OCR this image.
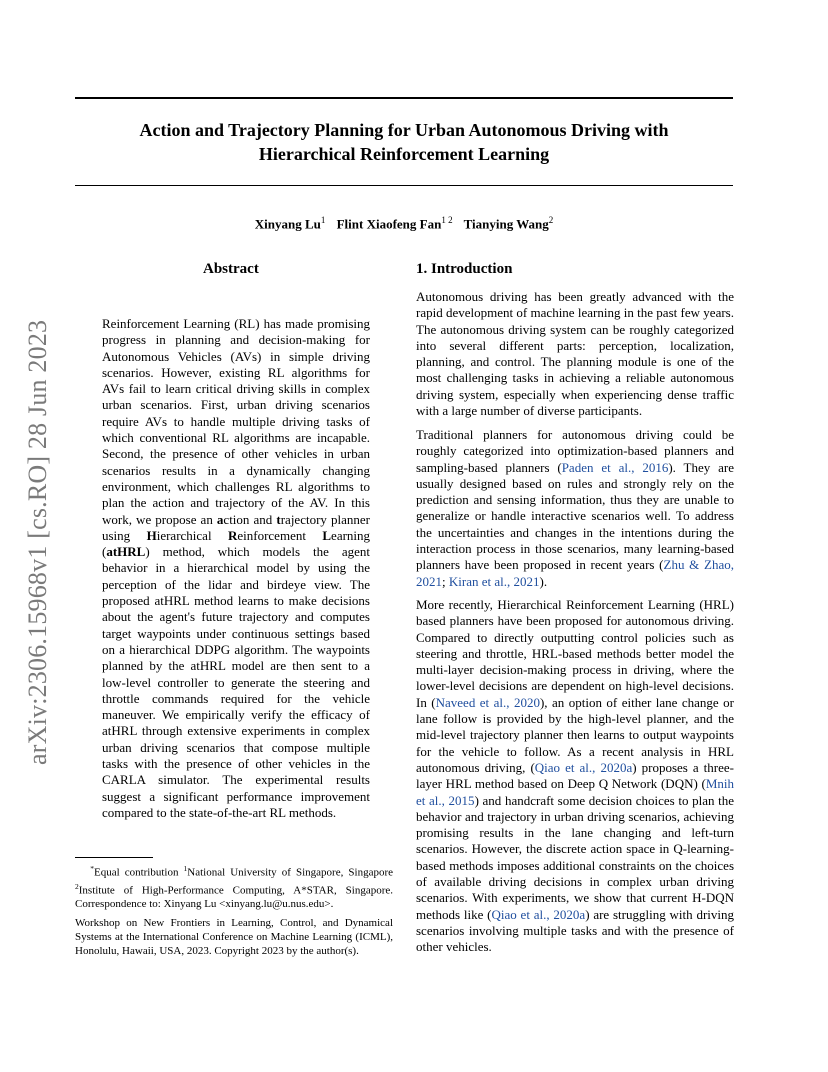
Action and Trajectory Planning for Urban Autonomous Driving with
Hierarchical Reinforcement Learning
Xinyang Lu$^1$ Flint Xiaofeng Fan$^{1 2}$ Tianying Wang$^2$
arXiv:2306.15968v1 [cs.RO] 28 Jun 2023
Abstract
Reinforcement Learning (RL) has made promising progress in planning and decision-making for Autonomous Vehicles (AVs) in simple driving scenarios. However, existing RL algorithms for AVs fail to learn critical driving skills in complex urban scenarios. First, urban driving scenarios require AVs to handle multiple driving tasks of which conventional RL algorithms are incapable. Second, the presence of other vehicles in urban scenarios results in a dynamically changing environment, which challenges RL algorithms to plan the action and trajectory of the AV. In this work, we propose an action and trajectory planner using Hierarchical Reinforcement Learning (atHRL) method, which models the agent behavior in a hierarchical model by using the perception of the lidar and birdeye view. The proposed atHRL method learns to make decisions about the agent's future trajectory and computes target waypoints under continuous settings based on a hierarchical DDPG algorithm. The waypoints planned by the atHRL model are then sent to a low-level controller to generate the steering and throttle commands required for the vehicle maneuver. We empirically verify the efficacy of atHRL through extensive experiments in complex urban driving scenarios that compose multiple tasks with the presence of other vehicles in the CARLA simulator. The experimental results suggest a significant performance improvement compared to the state-of-the-art RL methods.
1. Introduction
Autonomous driving has been greatly advanced with the rapid development of machine learning in the past few years. The autonomous driving system can be roughly categorized into several different parts: perception, localization, planning, and control. The planning module is one of the most challenging tasks in achieving a reliable autonomous driving system, especially when experiencing dense traffic with a large number of diverse participants.
Traditional planners for autonomous driving could be roughly categorized into optimization-based planners and sampling-based planners (Paden et al., 2016). They are usually designed based on rules and strongly rely on the prediction and sensing information, thus they are unable to generalize or handle interactive scenarios well. To address the uncertainties and changes in the intentions during the interaction process in those scenarios, many learning-based planners have been proposed in recent years (Zhu & Zhao, 2021; Kiran et al., 2021).
More recently, Hierarchical Reinforcement Learning (HRL) based planners have been proposed for autonomous driving. Compared to directly outputting control policies such as steering and throttle, HRL-based methods better model the multi-layer decision-making process in driving, where the lower-level decisions are dependent on high-level decisions. In (Naveed et al., 2020), an option of either lane change or lane follow is provided by the high-level planner, and the mid-level trajectory planner then learns to output waypoints for the vehicle to follow. As a recent analysis in HRL autonomous driving, (Qiao et al., 2020a) proposes a three-layer HRL method based on Deep Q Network (DQN) (Mnih et al., 2015) and handcraft some decision choices to plan the behavior and trajectory in urban driving scenarios, achieving promising results in the lane changing and left-turn scenarios. However, the discrete action space in Q-learning-based methods imposes additional constraints on the choices of available driving decisions in complex urban driving scenarios. With experiments, we show that current H-DQN methods like (Qiao et al., 2020a) are struggling with driving scenarios involving multiple tasks and with the presence of other vehicles.
*Equal contribution $^1$National University of Singapore, Singapore $^2$Institute of High-Performance Computing, A*STAR, Singapore. Correspondence to: Xinyang Lu <xinyang.lu@u.nus.edu>.
Workshop on New Frontiers in Learning, Control, and Dynamical Systems at the International Conference on Machine Learning (ICML), Honolulu, Hawaii, USA, 2023. Copyright 2023 by the author(s).
